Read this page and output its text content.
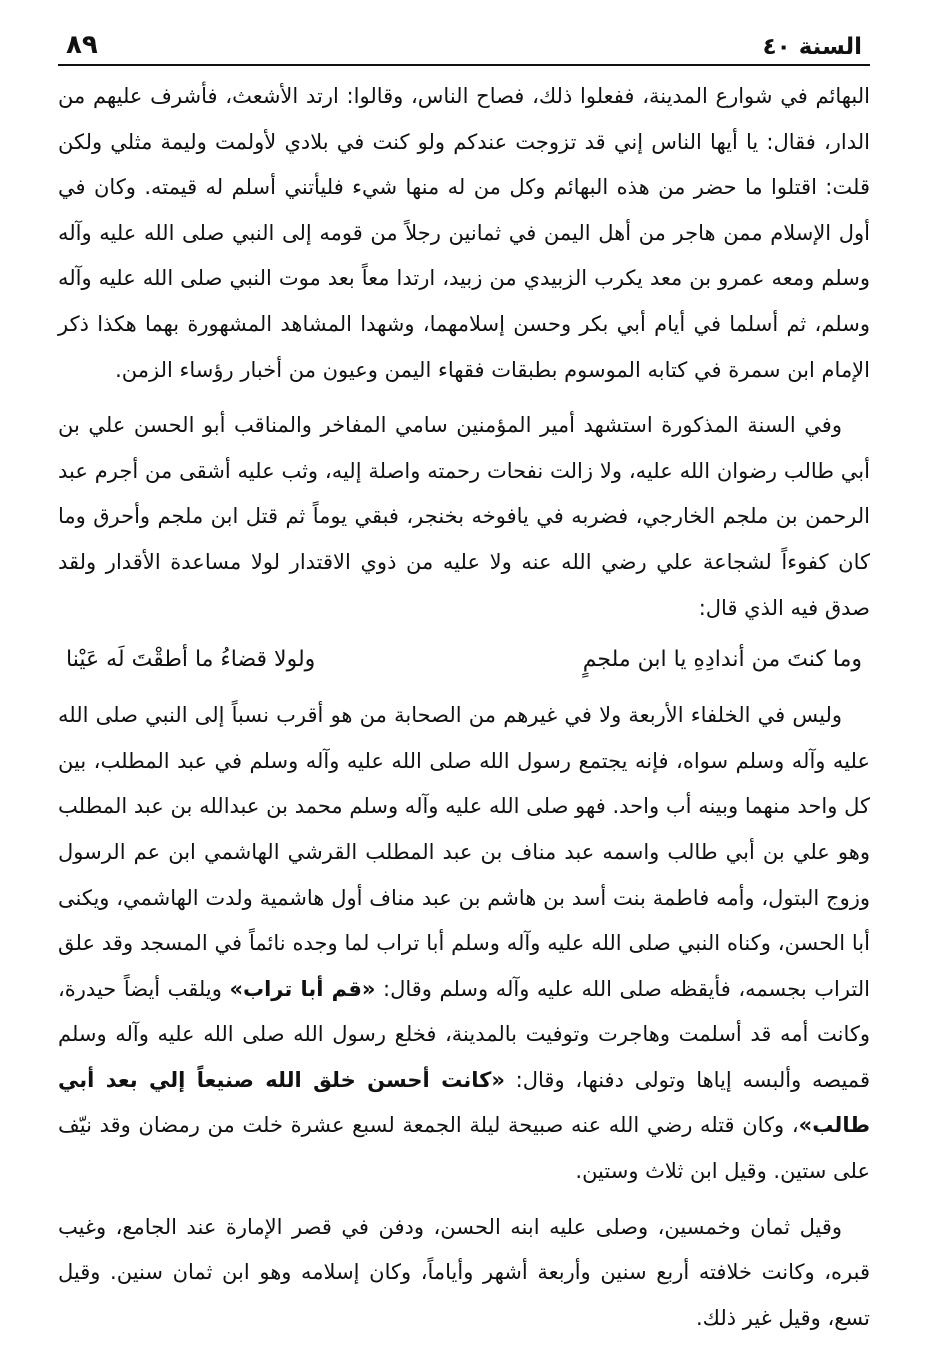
السنة ٤٠
٨٩

البهائم في شوارع المدينة، ففعلوا ذلك، فصاح الناس، وقالوا: ارتد الأشعث، فأشرف عليهم من الدار، فقال: يا أيها الناس إني قد تزوجت عندكم ولو كنت في بلادي لأولمت وليمة مثلي ولكن قلت: اقتلوا ما حضر من هذه البهائم وكل من له منها شيء فليأتني أسلم له قيمته. وكان في أول الإسلام ممن هاجر من أهل اليمن في ثمانين رجلاً من قومه إلى النبي صلى الله عليه وآله وسلم ومعه عمرو بن معد يكرب الزبيدي من زبيد، ارتدا معاً بعد موت النبي صلى الله عليه وآله وسلم، ثم أسلما في أيام أبي بكر وحسن إسلامهما، وشهدا المشاهد المشهورة بهما هكذا ذكر الإمام ابن سمرة في كتابه الموسوم بطبقات فقهاء اليمن وعيون من أخبار رؤساء الزمن.

وفي السنة المذكورة استشهد أمير المؤمنين سامي المفاخر والمناقب أبو الحسن علي بن أبي طالب رضوان الله عليه، ولا زالت نفحات رحمته واصلة إليه، وثب عليه أشقى من أجرم عبد الرحمن بن ملجم الخارجي، فضربه في يافوخه بخنجر، فبقي يوماً ثم قتل ابن ملجم وأحرق وما كان كفوءاً لشجاعة علي رضي الله عنه ولا عليه من ذوي الاقتدار لولا مساعدة الأقدار ولقد صدق فيه الذي قال:

وما كنتَ من أندادِهِ يا ابن ملجمٍ
ولولا قضاءُ ما أطقْتَ لَه عَيْنا

وليس في الخلفاء الأربعة ولا في غيرهم من الصحابة من هو أقرب نسباً إلى النبي صلى الله عليه وآله وسلم سواه، فإنه يجتمع رسول الله صلى الله عليه وآله وسلم في عبد المطلب، بين كل واحد منهما وبينه أب واحد. فهو صلى الله عليه وآله وسلم محمد بن عبدالله بن عبد المطلب وهو علي بن أبي طالب واسمه عبد مناف بن عبد المطلب القرشي الهاشمي ابن عم الرسول وزوج البتول، وأمه فاطمة بنت أسد بن هاشم بن عبد مناف أول هاشمية ولدت الهاشمي، ويكنى أبا الحسن، وكناه النبي صلى الله عليه وآله وسلم أبا تراب لما وجده نائماً في المسجد وقد علق التراب بجسمه، فأيقظه صلى الله عليه وآله وسلم وقال: «قم أبا تراب» ويلقب أيضاً حيدرة، وكانت أمه قد أسلمت وهاجرت وتوفيت بالمدينة، فخلع رسول الله صلى الله عليه وآله وسلم قميصه وألبسه إياها وتولى دفنها، وقال: «كانت أحسن خلق الله صنيعاً إلي بعد أبي طالب»، وكان قتله رضي الله عنه صبيحة ليلة الجمعة لسبع عشرة خلت من رمضان وقد نيّف على ستين. وقيل ابن ثلاث وستين.

وقيل ثمان وخمسين، وصلى عليه ابنه الحسن، ودفن في قصر الإمارة عند الجامع، وغيب قبره، وكانت خلافته أربع سنين وأربعة أشهر وأياماً، وكان إسلامه وهو ابن ثمان سنين. وقيل تسع، وقيل غير ذلك.
